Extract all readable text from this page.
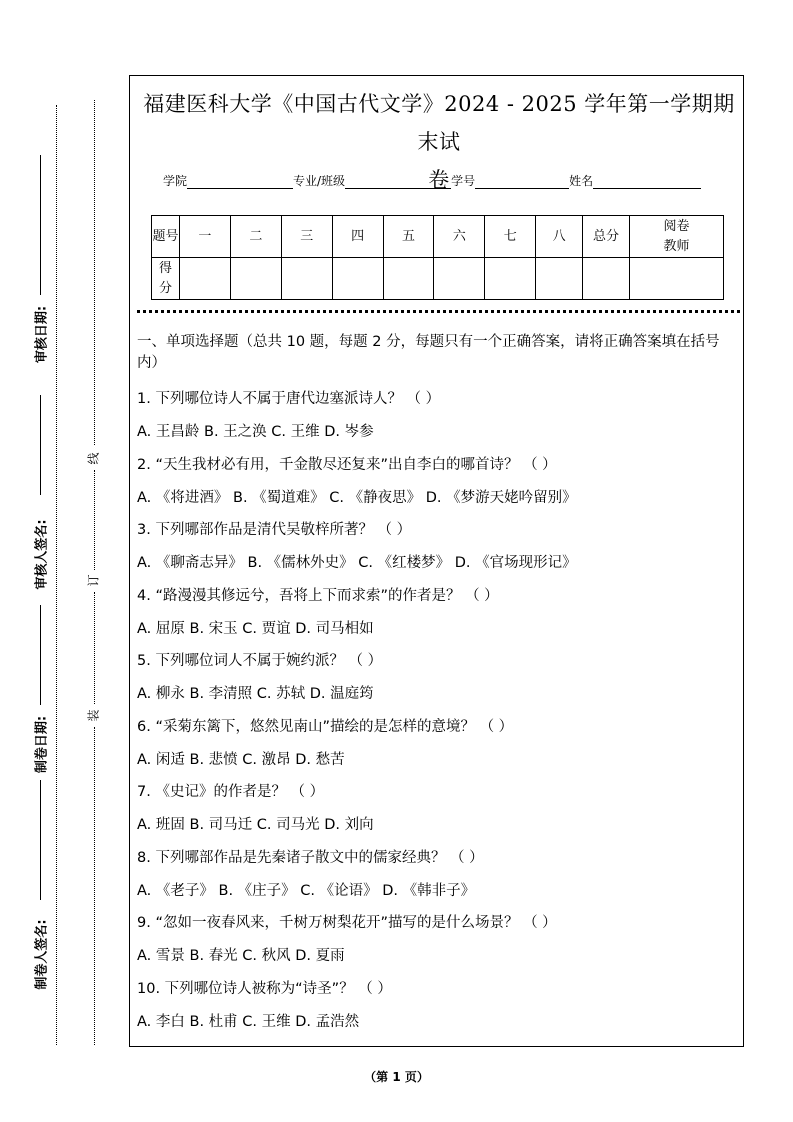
审核日期:
审核人签名:
制卷日期:
制卷人签名:
线
订
装
福建医科大学《中国古代文学》2024 - 2025 学年第一学期期末试
卷
学院	专业/班级	学号	姓名
题号	一	二	三	四	五	六	七	八	总分	阅卷教师
得分										
一、单项选择题（总共 10 题，每题 2 分，每题只有一个正确答案，请将正确答案填在括号内）
1. 下列哪位诗人不属于唐代边塞派诗人？ （ ）
A. 王昌龄 B. 王之涣 C. 王维 D. 岑参
2. “天生我材必有用，千金散尽还复来”出自李白的哪首诗？ （ ）
A. 《将进酒》 B. 《蜀道难》 C. 《静夜思》 D. 《梦游天姥吟留别》
3. 下列哪部作品是清代吴敬梓所著？ （ ）
A. 《聊斋志异》 B. 《儒林外史》 C. 《红楼梦》 D. 《官场现形记》
4. “路漫漫其修远兮，吾将上下而求索”的作者是？ （ ）
A. 屈原 B. 宋玉 C. 贾谊 D. 司马相如
5. 下列哪位词人不属于婉约派？ （ ）
A. 柳永 B. 李清照 C. 苏轼 D. 温庭筠
6. “采菊东篱下，悠然见南山”描绘的是怎样的意境？ （ ）
A. 闲适 B. 悲愤 C. 激昂 D. 愁苦
7. 《史记》的作者是？ （ ）
A. 班固 B. 司马迁 C. 司马光 D. 刘向
8. 下列哪部作品是先秦诸子散文中的儒家经典？ （ ）
A. 《老子》 B. 《庄子》 C. 《论语》 D. 《韩非子》
9. “忽如一夜春风来，千树万树梨花开”描写的是什么场景？ （ ）
A. 雪景 B. 春光 C. 秋风 D. 夏雨
10. 下列哪位诗人被称为“诗圣”？ （ ）
A. 李白 B. 杜甫 C. 王维 D. 孟浩然
（第 1 页）
